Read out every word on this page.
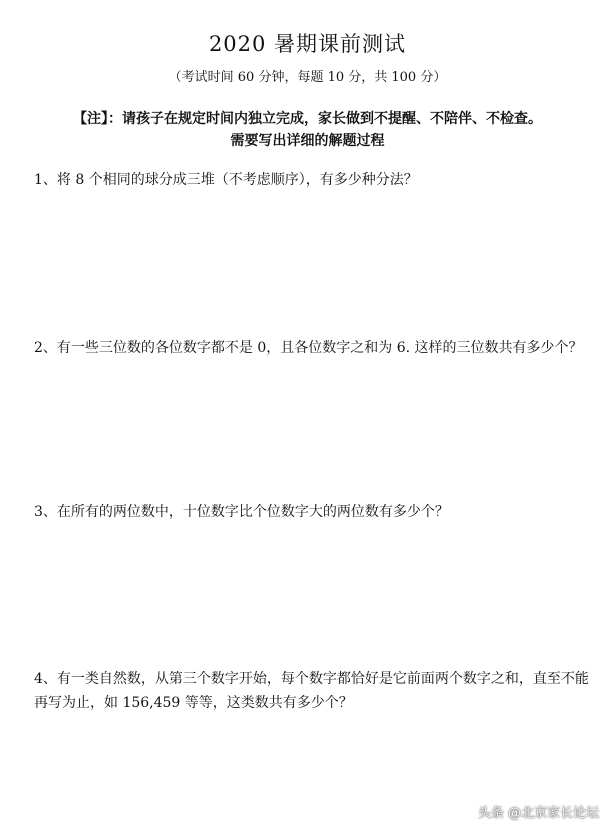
2020 暑期课前测试
（考试时间 60 分钟，每题 10 分，共 100 分）
【注】：请孩子在规定时间内独立完成，家长做到不提醒、不陪伴、不检查。
需要写出详细的解题过程
1、将 8 个相同的球分成三堆（不考虑顺序），有多少种分法？
2、有一些三位数的各位数字都不是 0，且各位数字之和为 6. 这样的三位数共有多少个？
3、在所有的两位数中，十位数字比个位数字大的两位数有多少个？
4、有一类自然数，从第三个数字开始，每个数字都恰好是它前面两个数字之和，直至不能再写为止，如 156,459 等等，这类数共有多少个？
头条 @北京家长论坛
